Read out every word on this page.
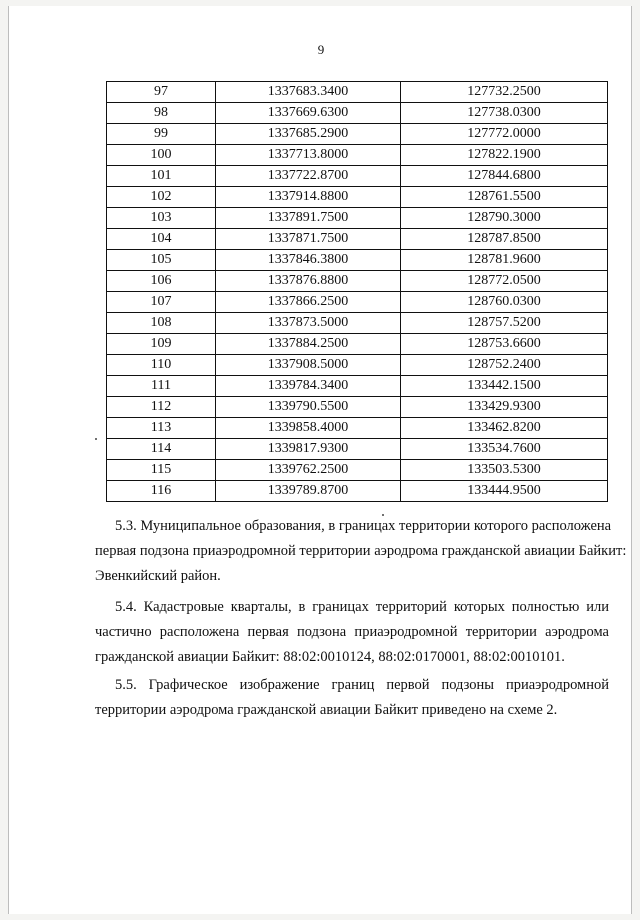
9
97	1337683.3400	127732.2500
98	1337669.6300	127738.0300
99	1337685.2900	127772.0000
100	1337713.8000	127822.1900
101	1337722.8700	127844.6800
102	1337914.8800	128761.5500
103	1337891.7500	128790.3000
104	1337871.7500	128787.8500
105	1337846.3800	128781.9600
106	1337876.8800	128772.0500
107	1337866.2500	128760.0300
108	1337873.5000	128757.5200
109	1337884.2500	128753.6600
110	1337908.5000	128752.2400
111	1339784.3400	133442.1500
112	1339790.5500	133429.9300
113	1339858.4000	133462.8200
114	1339817.9300	133534.7600
115	1339762.2500	133503.5300
116	1339789.8700	133444.9500

5.3. Муниципальное образования, в границах территории которого расположена
первая подзона приаэродромной территории аэродрома гражданской авиации Байкит:
Эвенкийский район.

5.4. Кадастровые кварталы, в границах территорий которых полностью или
частично расположена первая подзона приаэродромной территории аэродрома
гражданской авиации Байкит: 88:02:0010124, 88:02:0170001, 88:02:0010101.

5.5. Графическое изображение границ первой подзоны приаэродромной
территории аэродрома гражданской авиации Байкит приведено на схеме 2.
